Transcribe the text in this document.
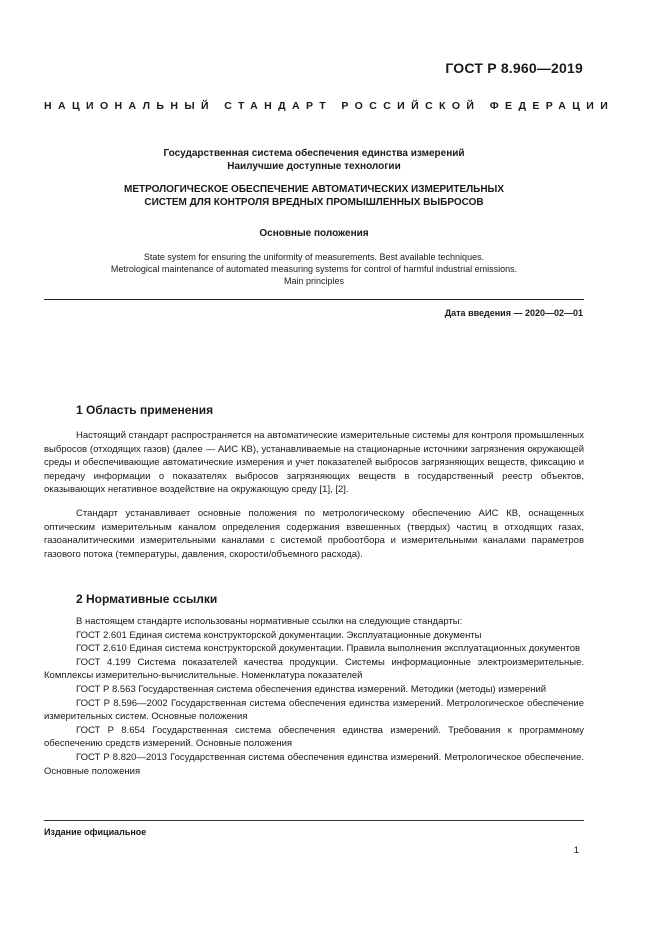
ГОСТ Р 8.960—2019
НАЦИОНАЛЬНЫЙ СТАНДАРТ РОССИЙСКОЙ ФЕДЕРАЦИИ
Государственная система обеспечения единства измерений
Наилучшие доступные технологии
МЕТРОЛОГИЧЕСКОЕ ОБЕСПЕЧЕНИЕ АВТОМАТИЧЕСКИХ ИЗМЕРИТЕЛЬНЫХ
СИСТЕМ ДЛЯ КОНТРОЛЯ ВРЕДНЫХ ПРОМЫШЛЕННЫХ ВЫБРОСОВ
Основные положения
State system for ensuring the uniformity of measurements. Best available techniques.
Metrological maintenance of automated measuring systems for control of harmful industrial emissions.
Main principles
Дата введения — 2020—02—01
1 Область применения

Настоящий стандарт распространяется на автоматические измерительные системы для контроля промышленных выбросов (отходящих газов) (далее — АИС КВ), устанавливаемые на стационарные источники загрязнения окружающей среды и обеспечивающие автоматические измерения и учет показателей выбросов загрязняющих веществ, фиксацию и передачу информации о показателях выбросов загрязняющих веществ в государственный реестр объектов, оказывающих негативное воздействие на окружающую среду [1], [2].

Стандарт устанавливает основные положения по метрологическому обеспечению АИС КВ, оснащенных оптическим измерительным каналом определения содержания взвешенных (твердых) частиц в отходящих газах, газоаналитическими измерительными каналами с системой пробоотбора и измерительными каналами параметров газового потока (температуры, давления, скорости/объемного расхода).

2 Нормативные ссылки

В настоящем стандарте использованы нормативные ссылки на следующие стандарты:

ГОСТ 2.601 Единая система конструкторской документации. Эксплуатационные документы

ГОСТ 2.610 Единая система конструкторской документации. Правила выполнения эксплуатационных документов

ГОСТ 4.199 Система показателей качества продукции. Системы информационные электроизмерительные. Комплексы измерительно-вычислительные. Номенклатура показателей

ГОСТ Р 8.563 Государственная система обеспечения единства измерений. Методики (методы) измерений

ГОСТ Р 8.596—2002 Государственная система обеспечения единства измерений. Метрологическое обеспечение измерительных систем. Основные положения

ГОСТ Р 8.654 Государственная система обеспечения единства измерений. Требования к программному обеспечению средств измерений. Основные положения

ГОСТ Р 8.820—2013 Государственная система обеспечения единства измерений. Метрологическое обеспечение. Основные положения

Издание официальное
1
